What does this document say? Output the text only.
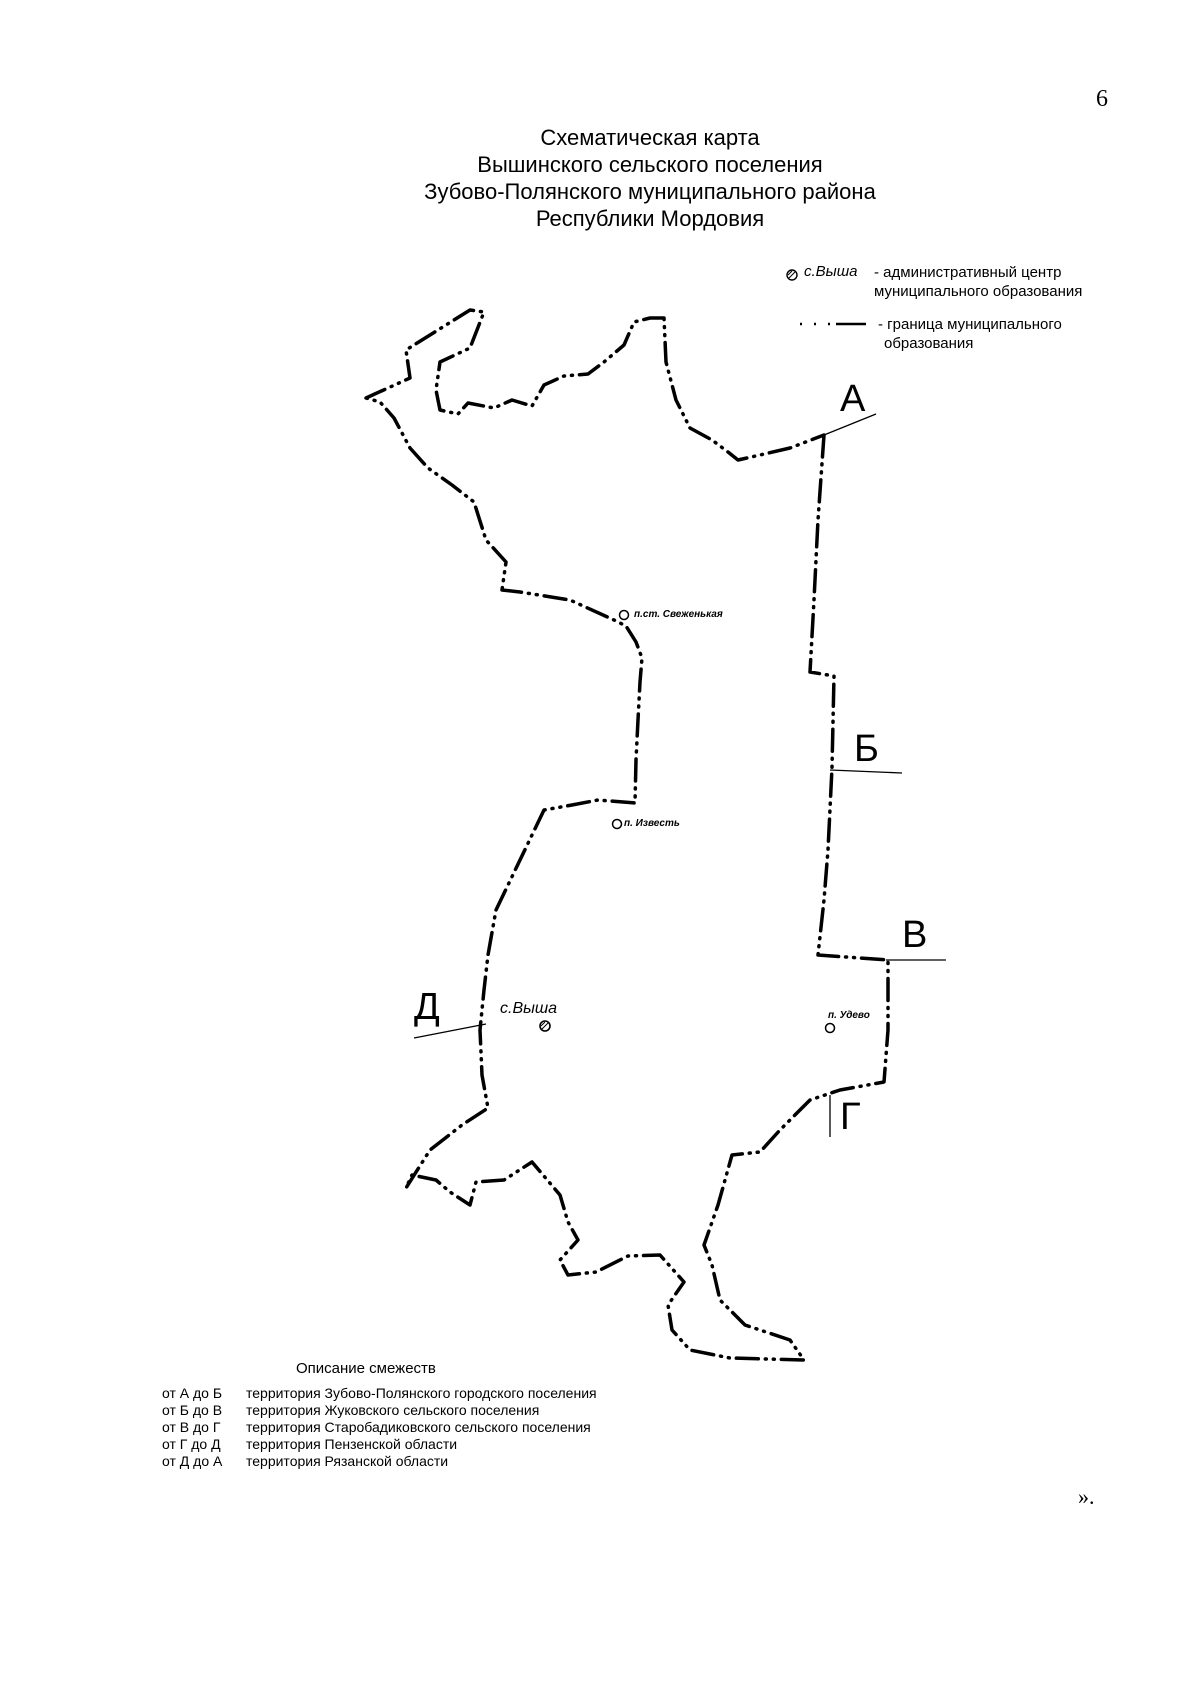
6
Схематическая карта
Вышинского сельского поселения
Зубово-Полянского муниципального района
Республики Мордовия
с.Выша - административный центр
муниципального образования
- граница муниципального
образования
п.ст. Свеженькая
п. Известь
с.Выша	п. Удево
А
Б
В
Г
Д
Описание смежеств
от А до Б	территория Зубово-Полянского городского поселения
от Б до В	территория Жуковского сельского поселения
от В до Г	территория Старобадиковского сельского поселения
от Г до Д	территория Пензенской области
от Д до А	территория Рязанской области
».
